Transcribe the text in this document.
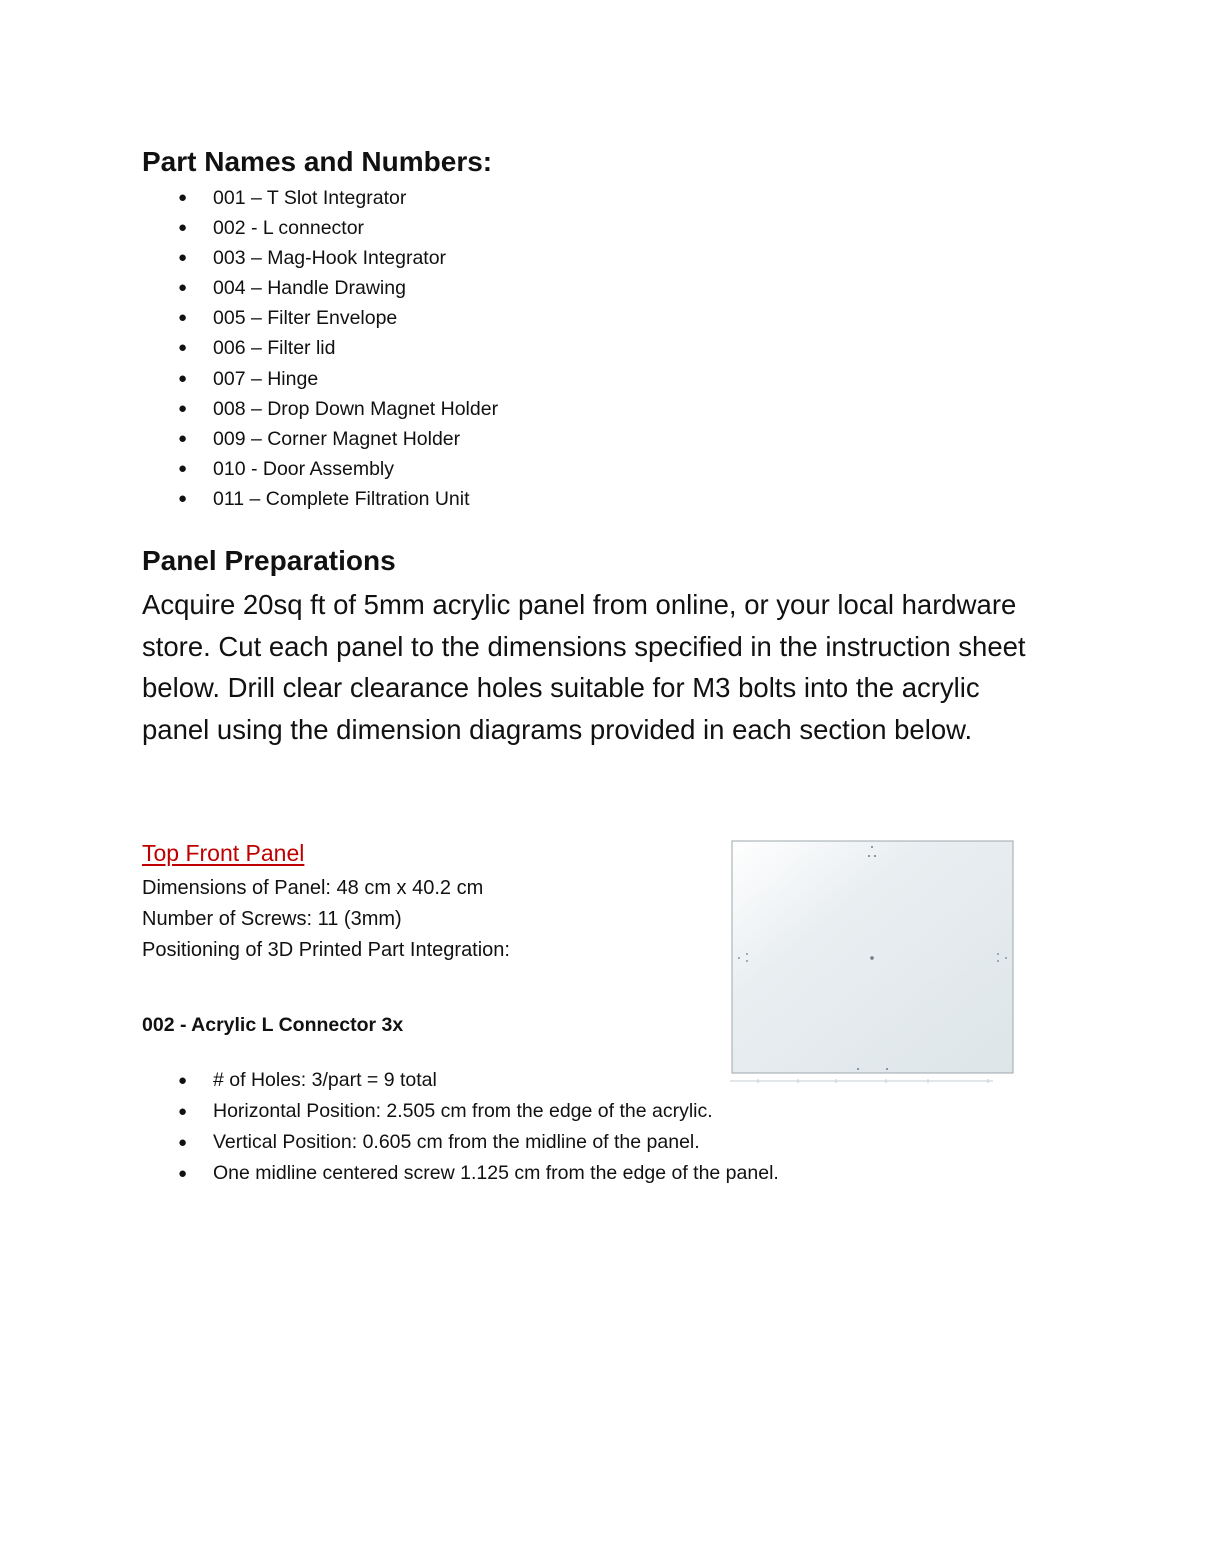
Part Names and Numbers:
● 001 – T Slot Integrator
● 002 - L connector
● 003 – Mag-Hook Integrator
● 004 – Handle Drawing
● 005 – Filter Envelope
● 006 – Filter lid
● 007 – Hinge
● 008 – Drop Down Magnet Holder
● 009 – Corner Magnet Holder
● 010 - Door Assembly
● 011 – Complete Filtration Unit
Panel Preparations

Acquire 20sq ft of 5mm acrylic panel from online, or your local hardware store. Cut each panel to the dimensions specified in the instruction sheet below. Drill clear clearance holes suitable for M3 bolts into the acrylic panel using the dimension diagrams provided in each section below.

Top Front Panel
Dimensions of Panel: 48 cm x 40.2 cm
Number of Screws: 11 (3mm)
Positioning of 3D Printed Part Integration:
002 - Acrylic L Connector 3x
● # of Holes: 3/part = 9 total
● Horizontal Position: 2.505 cm from the edge of the acrylic.
● Vertical Position: 0.605 cm from the midline of the panel.
● One midline centered screw 1.125 cm from the edge of the panel.
